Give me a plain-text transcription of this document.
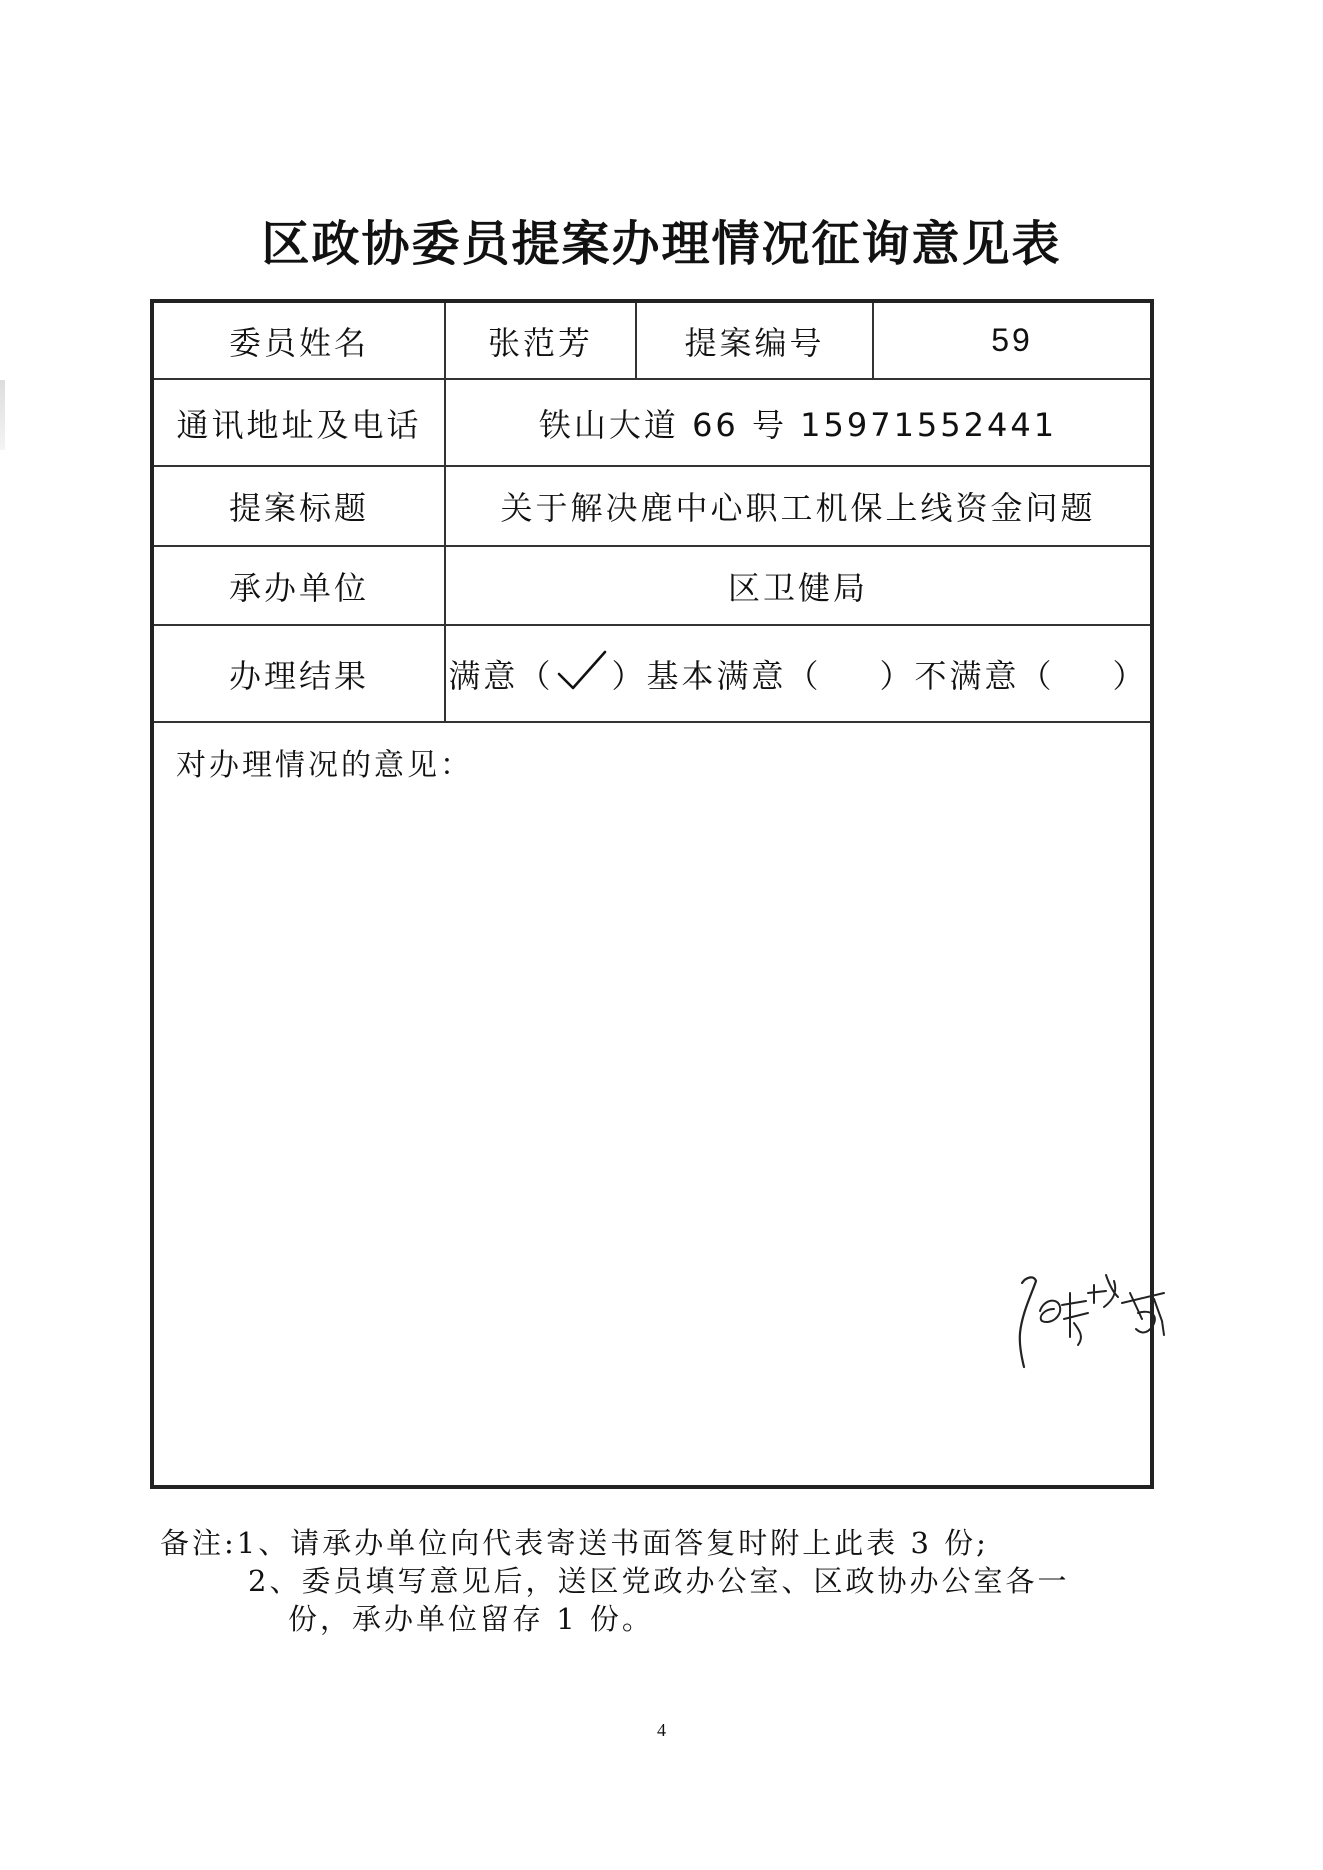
区政协委员提案办理情况征询意见表
委员姓名	张范芳	提案编号	59
通讯地址及电话	铁山大道 66 号 15971552441
提案标题	关于解决鹿中心职工机保上线资金问题
承办单位	区卫健局
办理结果	满意 （ ） 基本满意 （ ） 不满意 （ ）
对办理情况的意见：
备注:1、请承办单位向代表寄送书面答复时附上此表 3 份;
2、委员填写意见后，送区党政办公室、区政协办公室各一
份，承办单位留存 1 份。
4
